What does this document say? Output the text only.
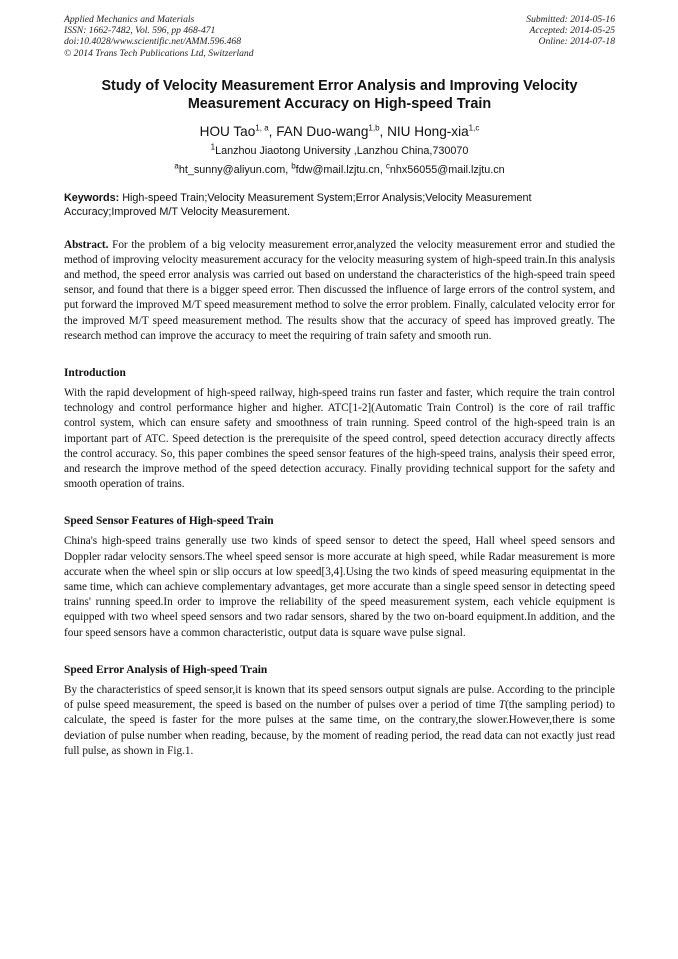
Applied Mechanics and Materials
ISSN: 1662-7482, Vol. 596, pp 468-471
doi:10.4028/www.scientific.net/AMM.596.468
© 2014 Trans Tech Publications Ltd, Switzerland
Submitted: 2014-05-16
Accepted: 2014-05-25
Online: 2014-07-18
Study of Velocity Measurement Error Analysis and Improving Velocity Measurement Accuracy on High-speed Train
HOU Tao$^{1, a}$, FAN Duo-wang$^{1,b}$, NIU Hong-xia$^{1,c}$
$^1$Lanzhou Jiaotong University ,Lanzhou China,730070
$^a$ht_sunny@aliyun.com, $^b$fdw@mail.lzjtu.cn, $^c$nhx56055@mail.lzjtu.cn
Keywords: High-speed Train;Velocity Measurement System;Error Analysis;Velocity Measurement Accuracy;Improved M/T Velocity Measurement.
Abstract. For the problem of a big velocity measurement error,analyzed the velocity measurement error and studied the method of improving velocity measurement accuracy for the velocity measuring system of high-speed train.In this analysis and method, the speed error analysis was carried out based on understand the characteristics of the high-speed train speed sensor, and found that there is a bigger speed error. Then discussed the influence of large errors of the control system, and put forward the improved M/T speed measurement method to solve the error problem. Finally, calculated velocity error for the improved M/T speed measurement method. The results show that the accuracy of speed has improved greatly. The research method can improve the accuracy to meet the requiring of train safety and smooth run.
Introduction

With the rapid development of high-speed railway, high-speed trains run faster and faster, which require the train control technology and control performance higher and higher. ATC[1-2](Automatic Train Control) is the core of rail traffic control system, which can ensure safety and smoothness of train running. Speed control of the high-speed train is an important part of ATC. Speed detection is the prerequisite of the speed control, speed detection accuracy directly affects the control accuracy. So, this paper combines the speed sensor features of the high-speed trains, analysis their speed error, and research the improve method of the speed detection accuracy. Finally providing technical support for the safety and smooth operation of trains.

Speed Sensor Features of High-speed Train

China's high-speed trains generally use two kinds of speed sensor to detect the speed, Hall wheel speed sensors and Doppler radar velocity sensors.The wheel speed sensor is more accurate at high speed, while Radar measurement is more accurate when the wheel spin or slip occurs at low speed[3,4].Using the two kinds of speed measuring equipmentat in the same time, which can achieve complementary advantages, get more accurate than a single speed sensor in detecting speed trains' running speed.In order to improve the reliability of the speed measurement system, each vehicle equipment is equipped with two wheel speed sensors and two radar sensors, shared by the two on-board equipment.In addition, and the four speed sensors have a common characteristic, output data is square wave pulse signal.

Speed Error Analysis of High-speed Train

By the characteristics of speed sensor,it is known that its speed sensors output signals are pulse. According to the principle of pulse speed measurement, the speed is based on the number of pulses over a period of time T(the sampling period) to calculate, the speed is faster for the more pulses at the same time, on the contrary,the slower.However,there is some deviation of pulse number when reading, because, by the moment of reading period, the read data can not exactly just read full pulse, as shown in Fig.1.
